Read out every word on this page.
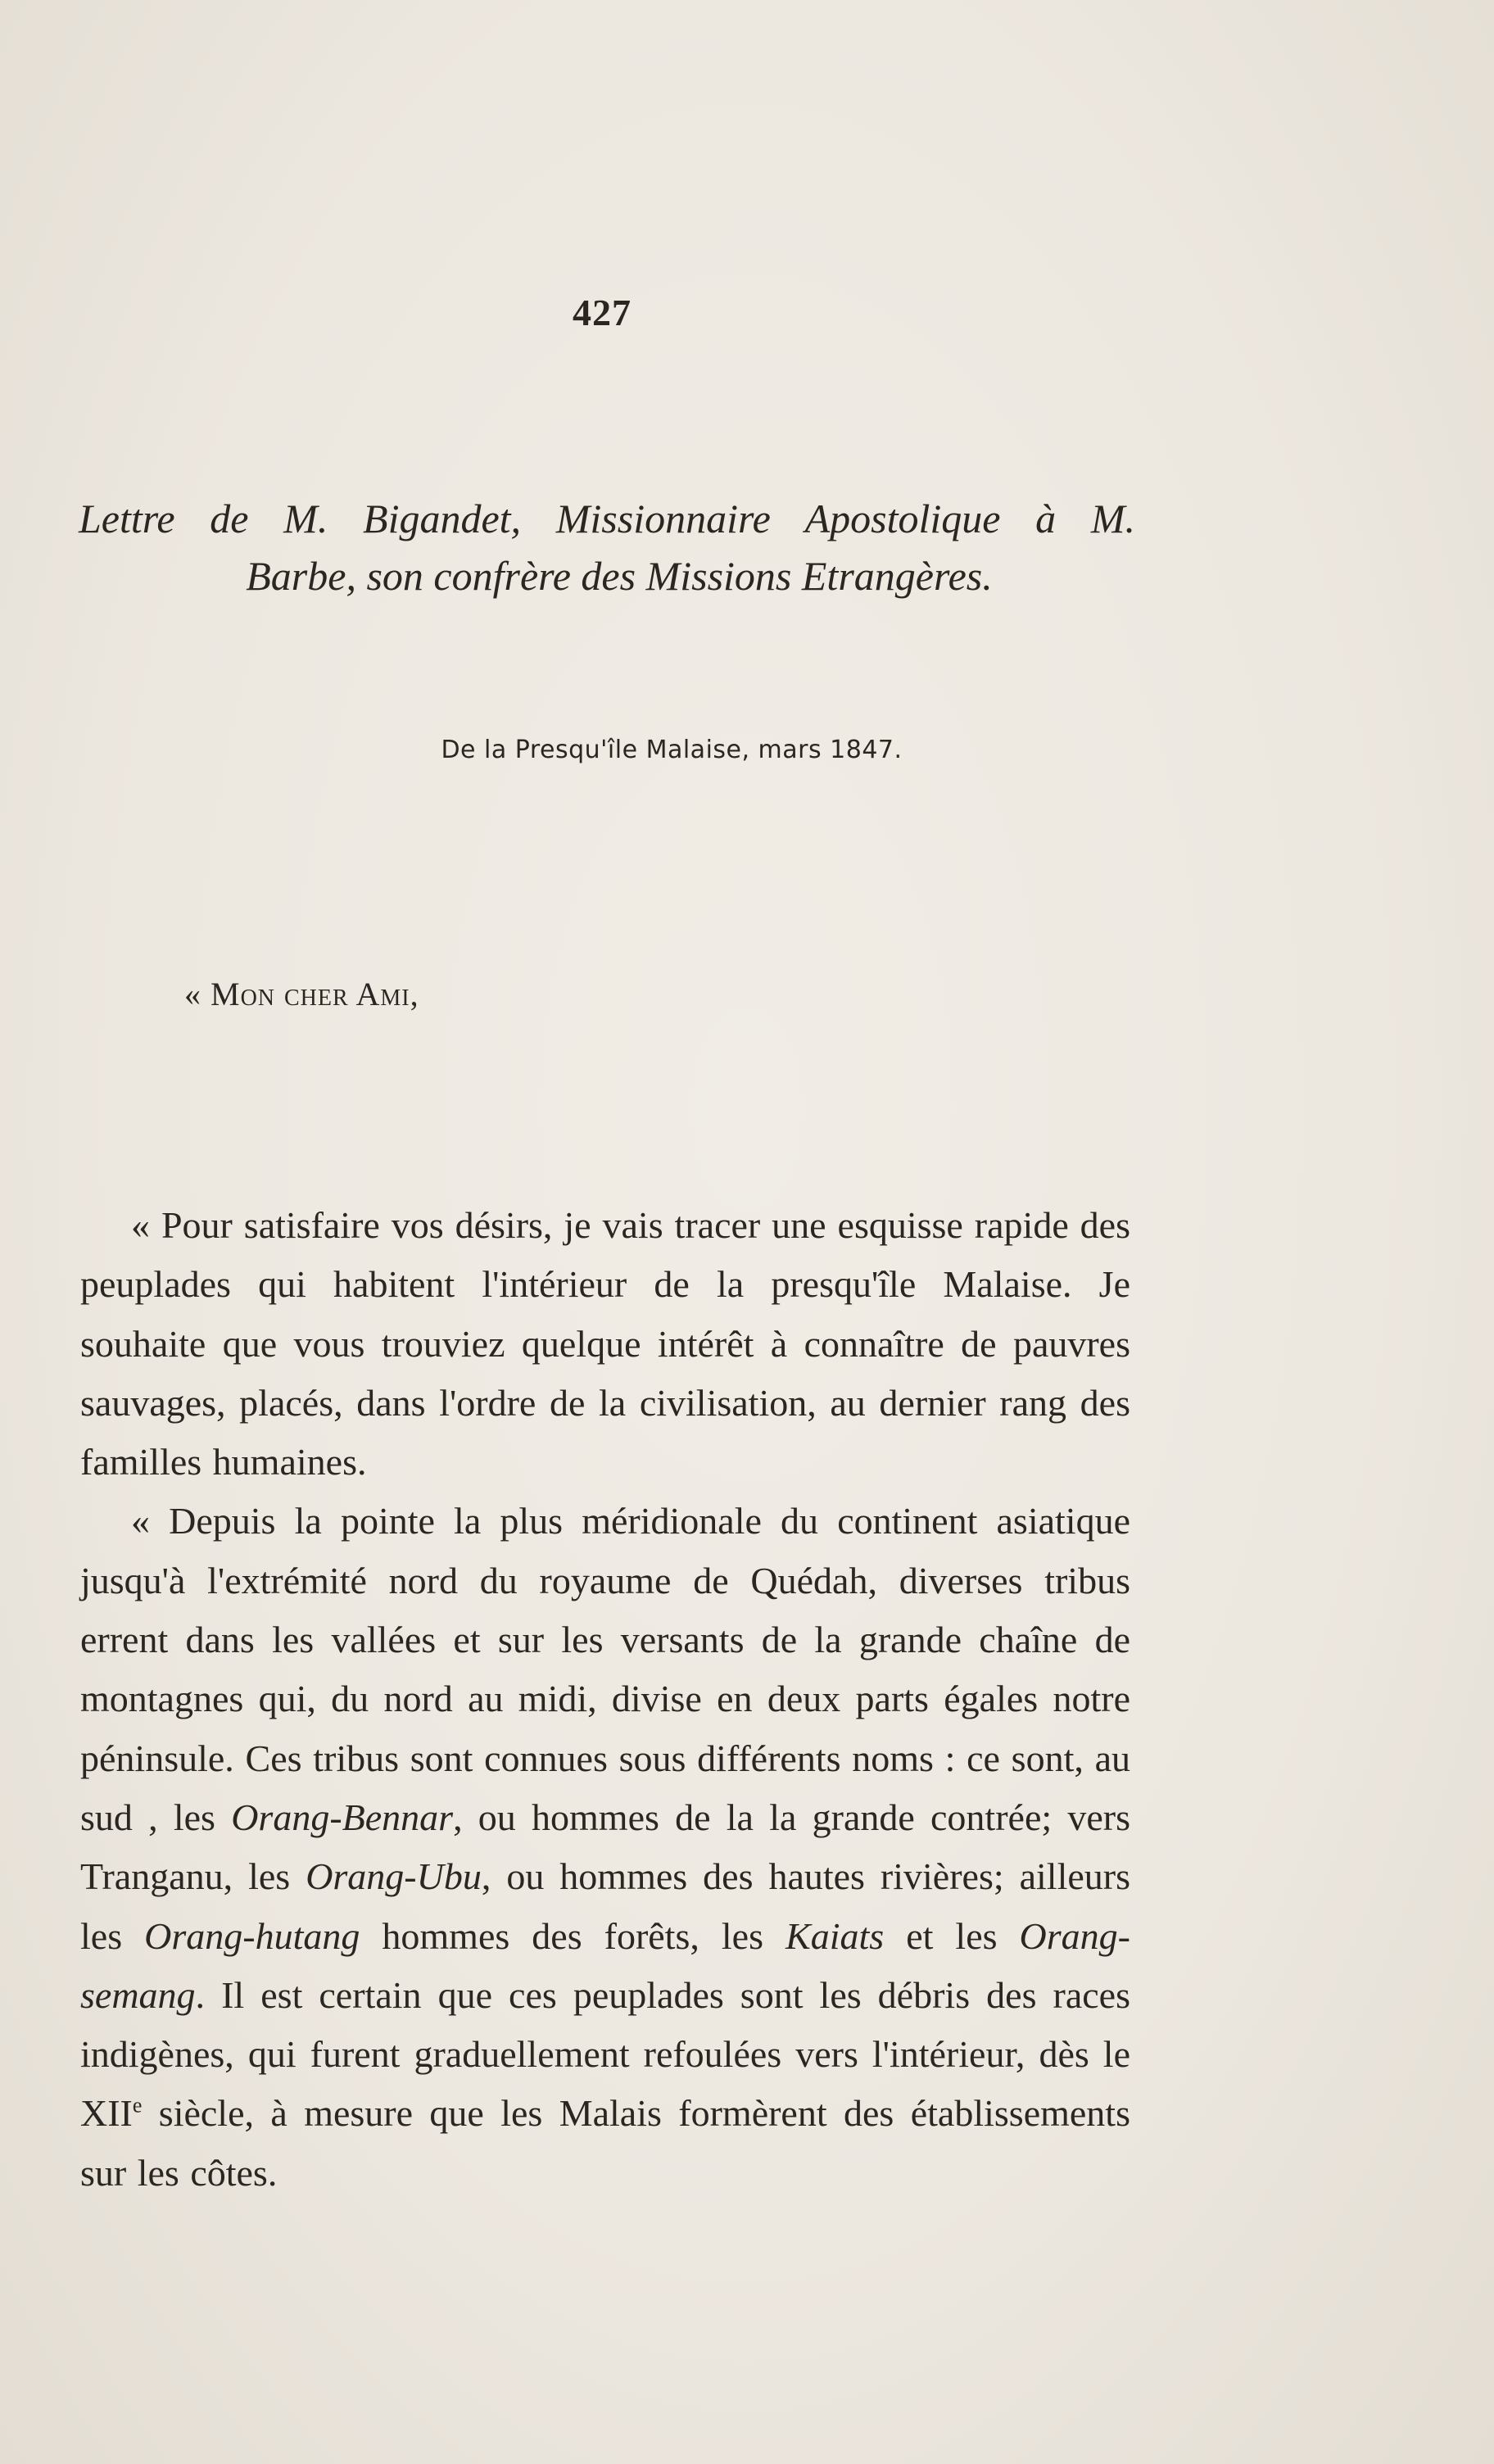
427
Lettre de M. Bigandet, Missionnaire Apostolique à M.
Barbe, son confrère des Missions Etrangères.
De la Presqu'île Malaise, mars 1847.
« Mon cher Ami,

« Pour satisfaire vos désirs, je vais tracer une esquisse rapide des peuplades qui habitent l'intérieur de la presqu'île Malaise. Je souhaite que vous trouviez quelque intérêt à connaître de pauvres sauvages, placés, dans l'ordre de la civilisation, au dernier rang des familles humaines.

« Depuis la pointe la plus méridionale du continent asiatique jusqu'à l'extrémité nord du royaume de Quédah, diverses tribus errent dans les vallées et sur les versants de la grande chaîne de montagnes qui, du nord au midi, divise en deux parts égales notre péninsule. Ces tribus sont connues sous différents noms : ce sont, au sud , les Orang-Bennar, ou hommes de la la grande contrée; vers Tranganu, les Orang-Ubu, ou hommes des hautes rivières; ailleurs les Orang-hutang hommes des forêts, les Kaiats et les Orang-semang. Il est certain que ces peuplades sont les débris des races indigènes, qui furent graduellement refoulées vers l'intérieur, dès le XIIe siècle, à mesure que les Malais formèrent des établissements sur les côtes.
